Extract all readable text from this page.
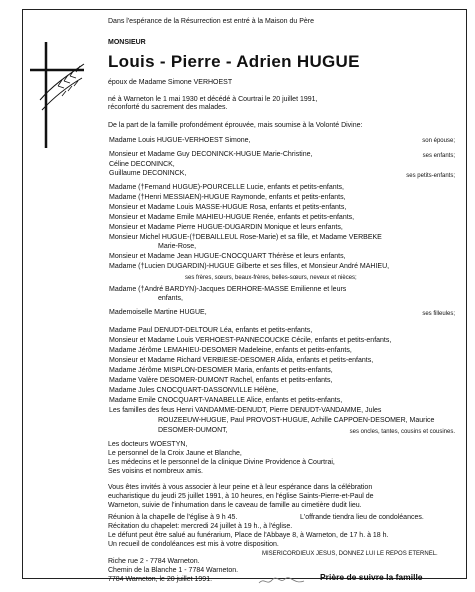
Dans l'espérance de la Résurrection est entré à la Maison du Père
MONSIEUR
Louis - Pierre - Adrien HUGUE
époux de Madame Simone VERHOEST
né à Warneton le 1 mai 1930 et décédé à Courtrai le 20 juillet 1991,
réconforté du sacrement des malades.
De la part de la famille profondément éprouvée, mais soumise à la Volonté Divine:
Madame Louis HUGUE-VERHOEST Simone,	son épouse;
Monsieur et Madame Guy DECONINCK-HUGUE Marie-Christine,	ses enfants;
Céline DECONINCK,
Guillaume DECONINCK,	ses petits-enfants;
Madame (†Fernand HUGUE)-POURCELLE Lucie, enfants et petits-enfants,
Madame (†Henri MESSIAEN)-HUGUE Raymonde, enfants et petits-enfants,
Monsieur et Madame Louis MASSE-HUGUE Rosa, enfants et petits-enfants,
Monsieur et Madame Emile MAHIEU-HUGUE Renée, enfants et petits-enfants,
Monsieur et Madame Pierre HUGUE-DUGARDIN Monique et leurs enfants,
Monsieur Michel HUGUE-(†DEBAILLEUL Rose-Marie) et sa fille, et Madame VERBEKE
Marie-Rose,
Monsieur et Madame Jean HUGUE-CNOCQUART Thérèse et leurs enfants,
Madame (†Lucien DUGARDIN)-HUGUE Gilberte et ses filles, et Monsieur André MAHIEU,
ses frères, sœurs, beaux-frères, belles-sœurs, neveux et nièces;
Madame (†André BARDYN)-Jacques DERHORE-MASSE Emilienne et leurs
enfants,
Mademoiselle Martine HUGUE,	ses filleules;
Madame Paul DENUDT-DELTOUR Léa, enfants et petits-enfants,
Monsieur et Madame Louis VERHOEST-PANNECOUCKE Cécile, enfants et petits-enfants,
Madame Jérôme LEMAHIEU-DESOMER Madeleine, enfants et petits-enfants,
Monsieur et Madame Richard VERBIESE-DESOMER Alida, enfants et petits-enfants,
Madame Jérôme MISPLON-DESOMER Maria, enfants et petits-enfants,
Madame Valère DESOMER-DUMONT Rachel, enfants et petits-enfants,
Madame Jules CNOCQUART-DASSONVILLE Hélène,
Madame Emile CNOCQUART-VANABELLE Alice, enfants et petits-enfants,
Les familles des feus Henri VANDAMME-DENUDT, Pierre DENUDT-VANDAMME, Jules
ROUZEEUW-HUGUE, Paul PROVOST-HUGUE, Achille CAPPOEN-DESOMER, Maurice
DESOMER-DUMONT,	ses oncles, tantes, cousins et cousines.
Les docteurs WOESTYN,
Le personnel de la Croix Jaune et Blanche,
Les médecins et le personnel de la clinique Divine Providence à Courtrai,
Ses voisins et nombreux amis.
Vous êtes invités à vous associer à leur peine et à leur espérance dans la célébration
eucharistique du jeudi 25 juillet 1991, à 10 heures, en l'église Saints-Pierre-et-Paul de
Warneton, suivie de l'inhumation dans le caveau de famille au cimetière dudit lieu.
Réunion à la chapelle de l'église à 9 h 45.	L'offrande tiendra lieu de condoléances.
Récitation du chapelet: mercredi 24 juillet à 19 h., à l'église.
Le défunt peut être salué au funérarium, Place de l'Abbaye 8, à Warneton, de 17 h. à 18 h.
Un recueil de condoléances est mis à votre disposition.
MISERICORDIEUX JESUS, DONNEZ LUI LE REPOS ETERNEL.
Riche rue 2 - 7784 Warneton.
Chemin de la Blanche 1 - 7784 Warneton.
7784 Warneton, le 20 juillet 1991.	Prière de suivre la famille
